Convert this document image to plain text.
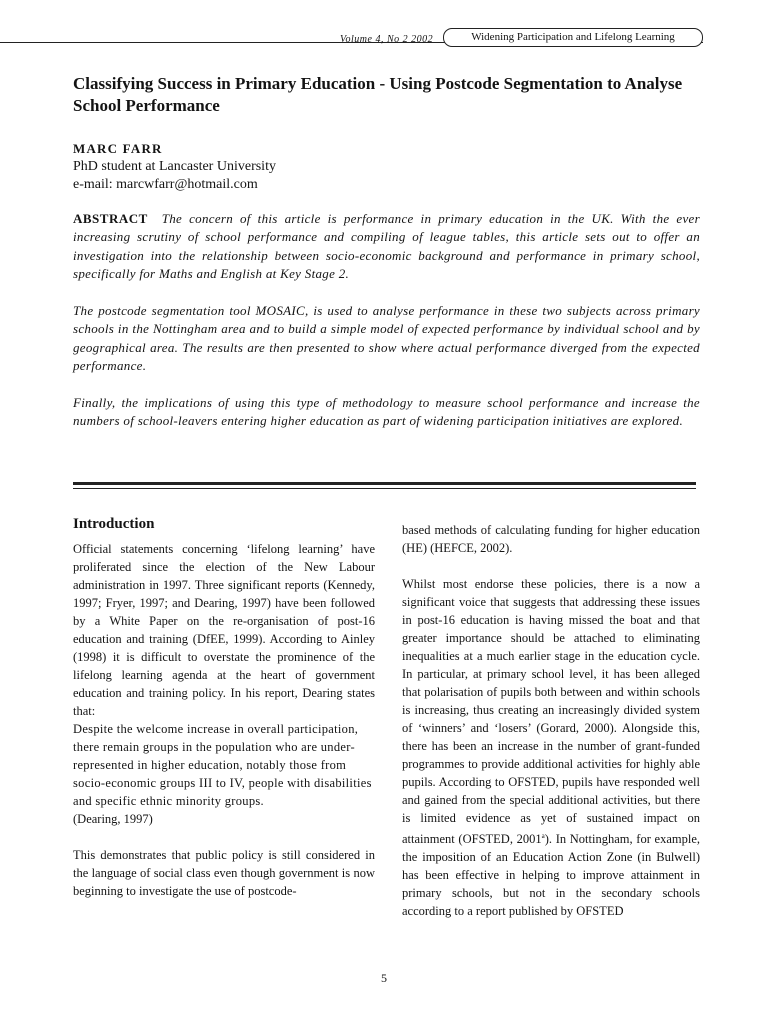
Volume 4, No 2 2002	Widening Participation and Lifelong Learning
Classifying Success in Primary Education - Using Postcode Segmentation to Analyse School Performance
MARC FARR
PhD student at Lancaster University
e-mail: marcwfarr@hotmail.com

ABSTRACT The concern of this article is performance in primary education in the UK. With the ever increasing scrutiny of school performance and compiling of league tables, this article sets out to offer an investigation into the relationship between socio-economic background and performance in primary school, specifically for Maths and English at Key Stage 2.

The postcode segmentation tool MOSAIC, is used to analyse performance in these two subjects across primary schools in the Nottingham area and to build a simple model of expected performance by individual school and by geographical area. The results are then presented to show where actual performance diverged from the expected performance.

Finally, the implications of using this type of methodology to measure school performance and increase the numbers of school-leavers entering higher education as part of widening participation initiatives are explored.

Introduction

Official statements concerning ‘lifelong learning’ have proliferated since the election of the New Labour administration in 1997. Three significant reports (Kennedy, 1997; Fryer, 1997; and Dearing, 1997) have been followed by a White Paper on the re-organisation of post-16 education and training (DfEE, 1999). According to Ainley (1998) it is difficult to overstate the prominence of the lifelong learning agenda at the heart of government education and training policy. In his report, Dearing states that:

Despite the welcome increase in overall participation, there remain groups in the population who are under-represented in higher education, notably those from socio-economic groups III to IV, people with disabilities and specific ethnic minority groups.

(Dearing, 1997)

This demonstrates that public policy is still considered in the language of social class even though government is now beginning to investigate the use of postcode-

based methods of calculating funding for higher education (HE) (HEFCE, 2002).

Whilst most endorse these policies, there is a now a significant voice that suggests that addressing these issues in post-16 education is having missed the boat and that greater importance should be attached to eliminating inequalities at a much earlier stage in the education cycle. In particular, at primary school level, it has been alleged that polarisation of pupils both between and within schools is increasing, thus creating an increasingly divided system of ‘winners’ and ‘losers’ (Gorard, 2000). Alongside this, there has been an increase in the number of grant-funded programmes to provide additional activities for highly able pupils. According to OFSTED, pupils have responded well and gained from the special additional activities, but there is limited evidence as yet of sustained impact on attainment (OFSTED, 2001$^a$). In Nottingham, for example, the imposition of an Education Action Zone (in Bulwell) has been effective in helping to improve attainment in primary schools, but not in the secondary schools according to a report published by OFSTED

5
